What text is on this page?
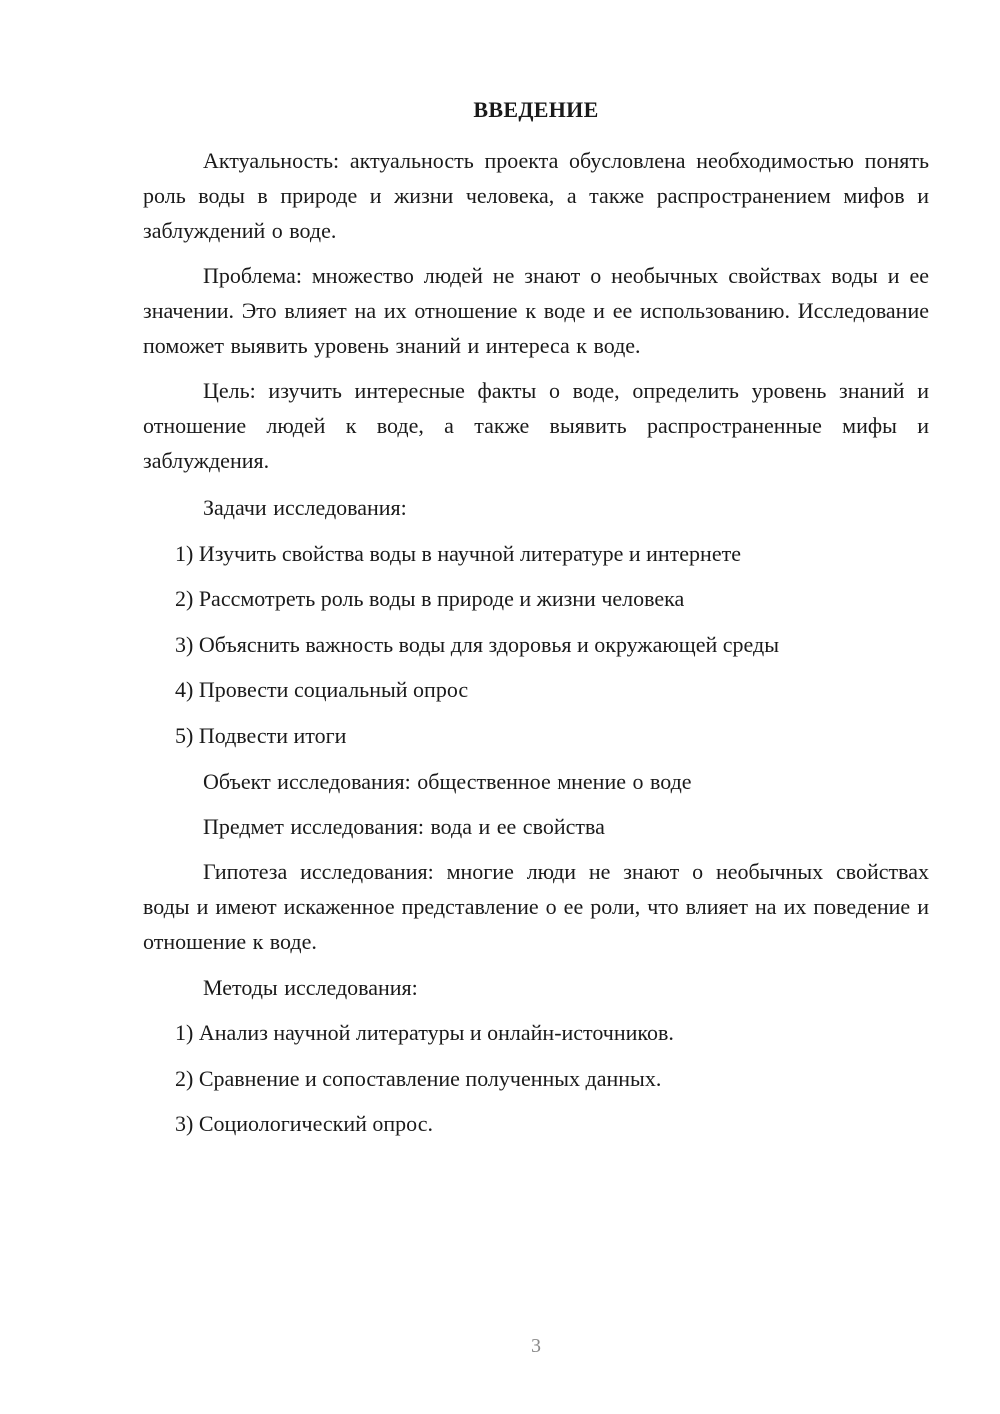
ВВЕДЕНИЕ

Актуальность: актуальность проекта обусловлена необходимостью понять роль воды в природе и жизни человека, а также распространением мифов и заблуждений о воде.

Проблема: множество людей не знают о необычных свойствах воды и ее значении. Это влияет на их отношение к воде и ее использованию. Исследование поможет выявить уровень знаний и интереса к воде.

Цель: изучить интересные факты о воде, определить уровень знаний и отношение людей к воде, а также выявить распространенные мифы и заблуждения.

Задачи исследования:

1) Изучить свойства воды в научной литературе и интернете

2) Рассмотреть роль воды в природе и жизни человека

3) Объяснить важность воды для здоровья и окружающей среды

4) Провести социальный опрос

5) Подвести итоги

Объект исследования: общественное мнение о воде

Предмет исследования: вода и ее свойства

Гипотеза исследования: многие люди не знают о необычных свойствах воды и имеют искаженное представление о ее роли, что влияет на их поведение и отношение к воде.

Методы исследования:

1) Анализ научной литературы и онлайн-источников.

2) Сравнение и сопоставление полученных данных.

3) Социологический опрос.

3
